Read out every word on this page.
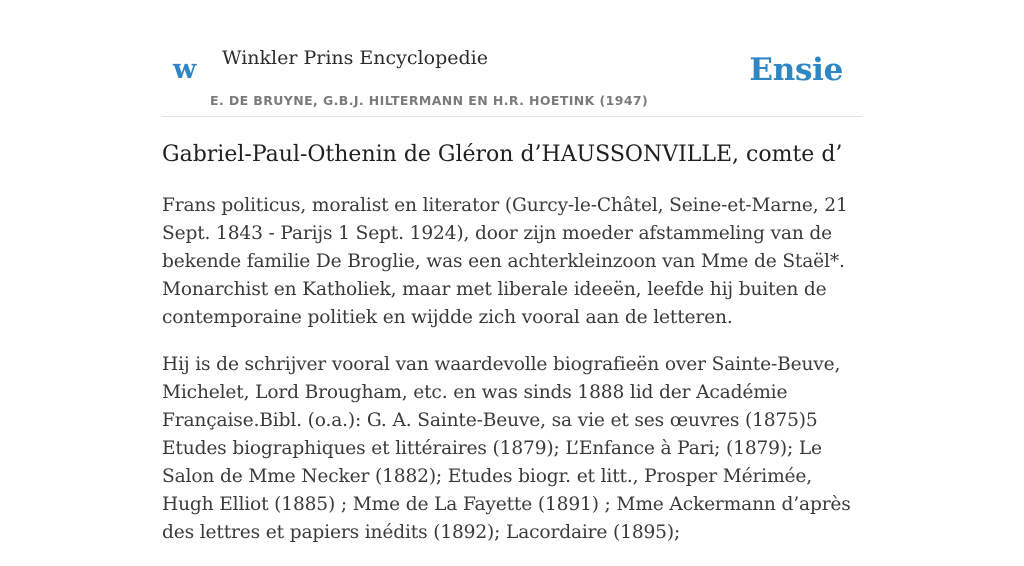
w Winkler Prins Encyclopedie
E. DE BRUYNE, G.B.J. HILTERMANN EN H.R. HOETINK (1947)
Ensie
Gabriel-Paul-Othenin de Gléron d’HAUSSONVILLE, comte d’

Frans politicus, moralist en literator (Gurcy-le-Châtel, Seine-et-Marne, 21 Sept. 1843 - Parijs 1 Sept. 1924), door zijn moeder afstammeling van de bekende familie De Broglie, was een achterkleinzoon van Mme de Staël*. Monarchist en Katholiek, maar met liberale ideeën, leefde hij buiten de contemporaine politiek en wijdde zich vooral aan de letteren.

Hij is de schrijver vooral van waardevolle biografieën over Sainte-Beuve, Michelet, Lord Brougham, etc. en was sinds 1888 lid der Académie Française.Bibl. (o.a.): G. A. Sainte-Beuve, sa vie et ses œuvres (1875)5 Etudes biographiques et littéraires (1879); L’Enfance à Pari; (1879); Le Salon de Mme Necker (1882); Etudes biogr. et litt., Prosper Mérimée, Hugh Elliot (1885) ; Mme de La Fayette (1891) ; Mme Ackermann d’après des lettres et papiers inédits (1892); Lacordaire (1895);
